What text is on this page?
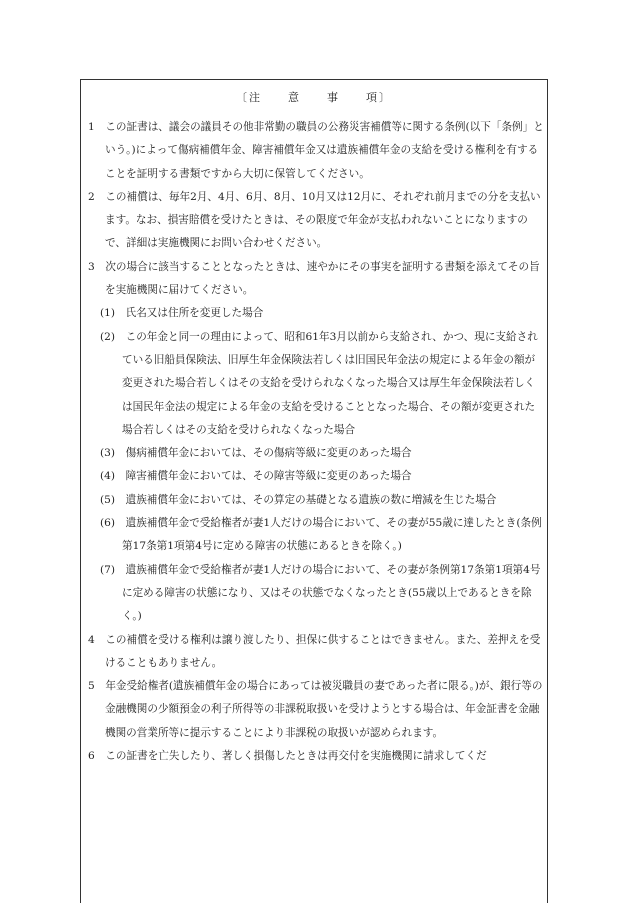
〔注　　意　　事　　項〕
1　 この証書は、議会の議員その他非常勤の職員の公務災害補償等に関する条例(以下「条例」という。)によって傷病補償年金、障害補償年金又は遺族補償年金の支給を受ける権利を有することを証明する書類ですから大切に保管してください。
2　 この補償は、毎年2月、4月、6月、8月、10月又は12月に、それぞれ前月までの分を支払います。なお、損害賠償を受けたときは、その限度で年金が支払われないことになりますので、詳細は実施機関にお問い合わせください。
3　 次の場合に該当することとなったときは、速やかにその事実を証明する書類を添えてその旨を実施機関に届けてください。
(1)　 氏名又は住所を変更した場合
(2)　 この年金と同一の理由によって、昭和61年3月以前から支給され、かつ、現に支給されている旧船員保険法、旧厚生年金保険法若しくは旧国民年金法の規定による年金の額が変更された場合若しくはその支給を受けられなくなった場合又は厚生年金保険法若しくは国民年金法の規定による年金の支給を受けることとなった場合、その額が変更された場合若しくはその支給を受けられなくなった場合
(3)　 傷病補償年金においては、その傷病等級に変更のあった場合
(4)　 障害補償年金においては、その障害等級に変更のあった場合
(5)　 遺族補償年金においては、その算定の基礎となる遺族の数に増減を生じた場合
(6)　 遺族補償年金で受給権者が妻1人だけの場合において、その妻が55歳に達したとき(条例第17条第1項第4号に定める障害の状態にあるときを除く。)
(7)　 遺族補償年金で受給権者が妻1人だけの場合において、その妻が条例第17条第1項第4号に定める障害の状態になり、又はその状態でなくなったとき(55歳以上であるときを除く。)
4　 この補償を受ける権利は譲り渡したり、担保に供することはできません。また、差押えを受けることもありません。
5　 年金受給権者(遺族補償年金の場合にあっては被災職員の妻であった者に限る。)が、銀行等の金融機関の少額預金の利子所得等の非課税取扱いを受けようとする場合は、年金証書を金融機関の営業所等に提示することにより非課税の取扱いが認められます。
6　 この証書を亡失したり、著しく損傷したときは再交付を実施機関に請求してくだ
